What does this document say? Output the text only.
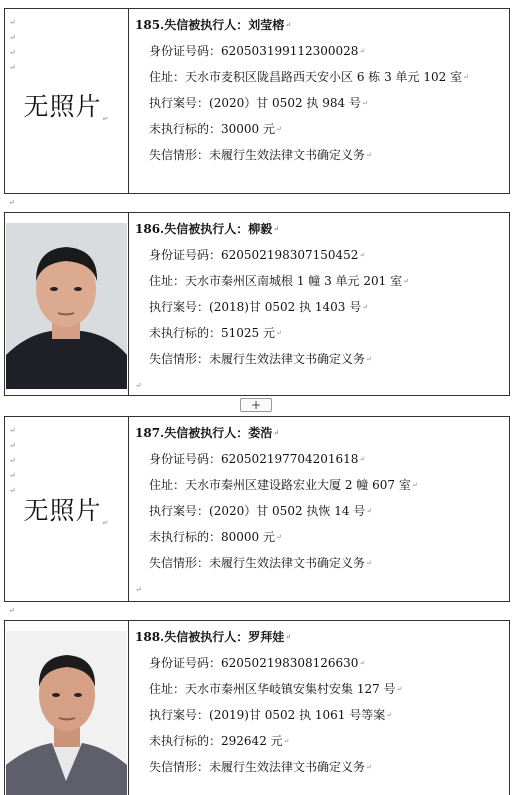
↵
↵
↵
↵
无照片↵
185.失信被执行人：刘莹榕↵
身份证号码：620503199112300028↵
住址：天水市麦积区陇昌路西天安小区 6 栋 3 单元 102 室↵
执行案号：(2020）甘 0502 执 984 号↵
未执行标的：30000 元↵
失信情形：未履行生效法律文书确定义务↵
↵
186.失信被执行人：柳毅↵
身份证号码：620502198307150452↵
住址：天水市秦州区南城根 1 幢 3 单元 201 室↵
执行案号：(2018)甘 0502 执 1403 号↵
未执行标的：51025 元↵
失信情形：未履行生效法律文书确定义务↵
↵
+
↵
↵
↵
↵
↵
无照片↵
187.失信被执行人：娄浩↵
身份证号码：620502197704201618↵
住址：天水市秦州区建设路宏业大厦 2 幢 607 室↵
执行案号：(2020）甘 0502 执恢 14 号↵
未执行标的：80000 元↵
失信情形：未履行生效法律文书确定义务↵
↵
↵
188.失信被执行人：罗拜娃↵
身份证号码：620502198308126630↵
住址：天水市秦州区华岐镇安集村安集 127 号↵
执行案号：(2019)甘 0502 执 1061 号等案↵
未执行标的：292642 元↵
失信情形：未履行生效法律文书确定义务↵
